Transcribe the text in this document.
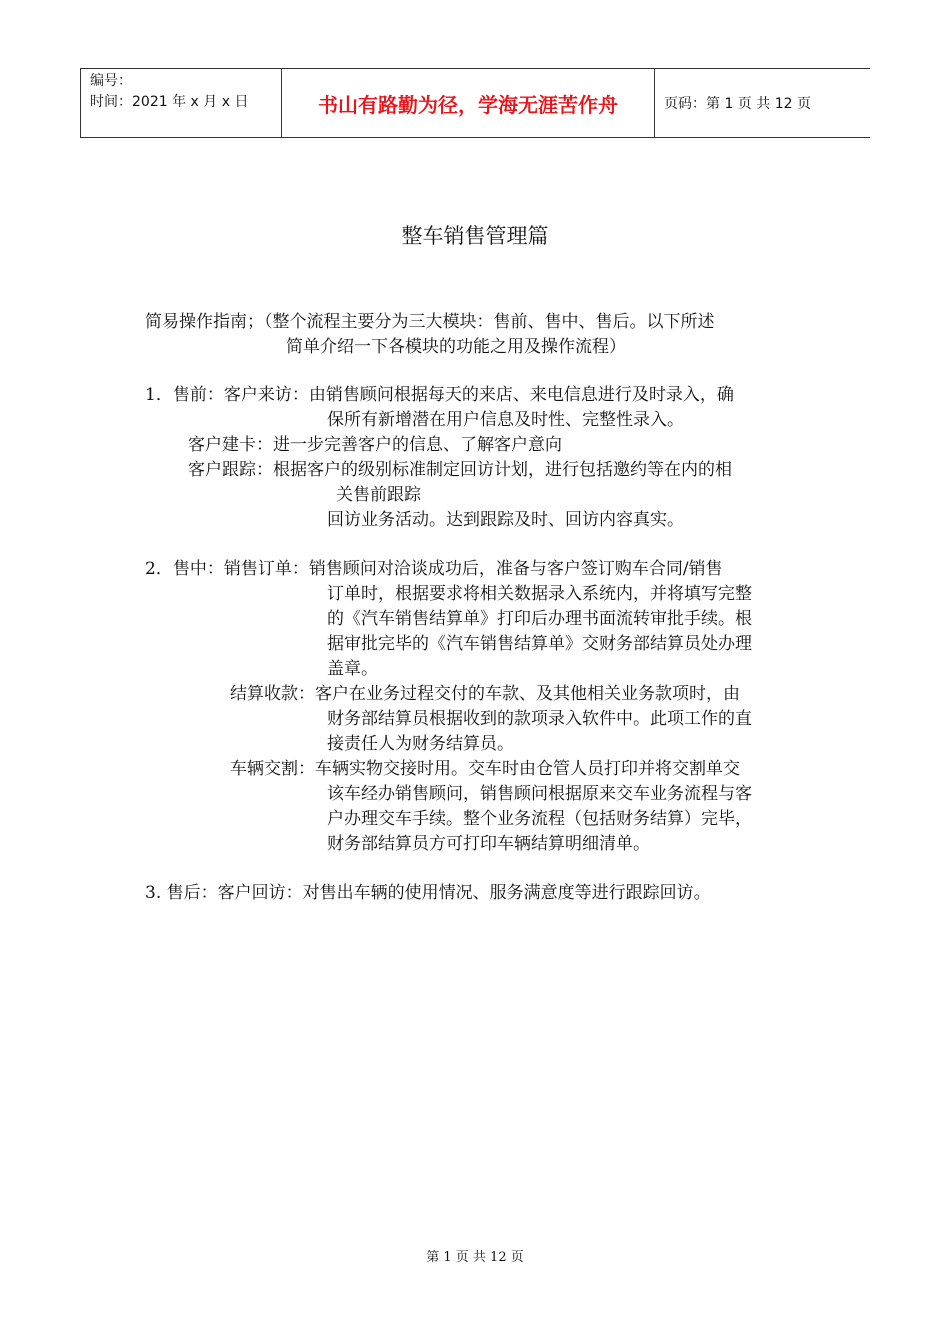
编号：
时间：2021 年 x 月 x 日	书山有路勤为径，学海无涯苦作舟	页码：第 1 页 共 12 页
整车销售管理篇
简易操作指南；（整个流程主要分为三大模块：售前、售中、售后。以下所述
简单介绍一下各模块的功能之用及操作流程）
1．售前：客户来访：由销售顾问根据每天的来店、来电信息进行及时录入，确
保所有新增潜在用户信息及时性、完整性录入。
客户建卡：进一步完善客户的信息、了解客户意向
客户跟踪：根据客户的级别标准制定回访计划，进行包括邀约等在内的相
关售前跟踪
回访业务活动。达到跟踪及时、回访内容真实。
2．售中：销售订单：销售顾问对洽谈成功后，准备与客户签订购车合同/销售
订单时，根据要求将相关数据录入系统内，并将填写完整
的《汽车销售结算单》打印后办理书面流转审批手续。根
据审批完毕的《汽车销售结算单》交财务部结算员处办理
盖章。
结算收款：客户在业务过程交付的车款、及其他相关业务款项时，由
财务部结算员根据收到的款项录入软件中。此项工作的直
接责任人为财务结算员。
车辆交割：车辆实物交接时用。交车时由仓管人员打印并将交割单交
该车经办销售顾问，销售顾问根据原来交车业务流程与客
户办理交车手续。整个业务流程（包括财务结算）完毕，
财务部结算员方可打印车辆结算明细清单。
3. 售后：客户回访：对售出车辆的使用情况、服务满意度等进行跟踪回访。
第 1 页 共 12 页
